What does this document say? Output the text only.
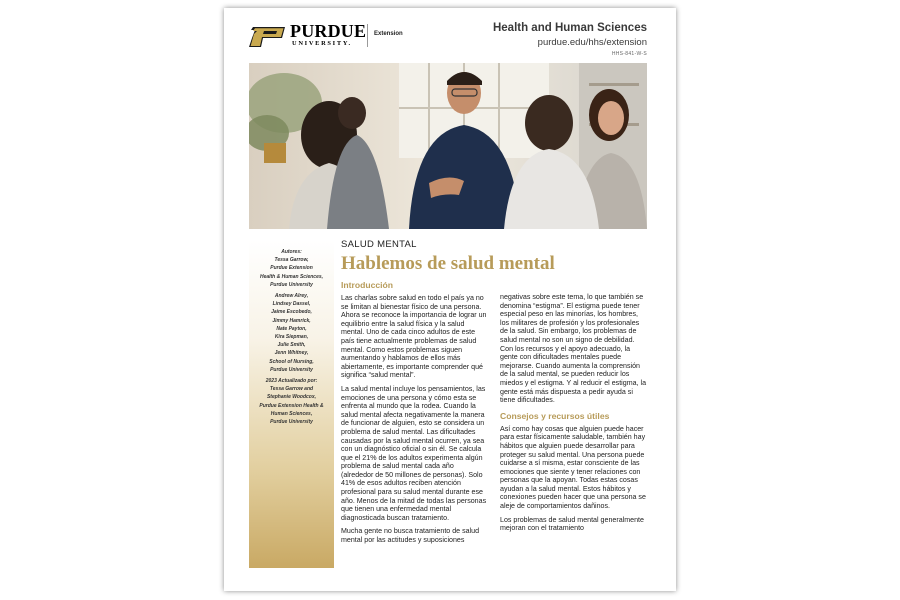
PURDUE
UNIVERSITY.
Extension	Health and Human Sciences
purdue.edu/hhs/extension
HHS-841-W-S
Autores:
Tessa Garrow,
Purdue Extension
Health & Human Sciences,
Purdue University
Andrew Alrey,
Lindsey Dassel,
Jaime Escobedo,
Jimmy Hamrick,
Nate Payton,
Kira Siepman,
Julie Smith,
Jenn Whitney,
School of Nursing,
Purdue University
2023 Actualizado por:
Tessa Garrow and
Stephanie Woodcox,
Purdue Extension Health &
Human Sciences,
Purdue University
SALUD MENTAL
Hablemos de salud mental
Introducción

Las charlas sobre salud en todo el país ya no se limitan al bienestar físico de una persona. Ahora se reconoce la importancia de lograr un equilibrio entre la salud física y la salud mental. Uno de cada cinco adultos de este país tiene actualmente problemas de salud mental. Como estos problemas siguen aumentando y hablamos de ellos más abiertamente, es importante comprender qué significa “salud mental”.

La salud mental incluye los pensamientos, las emociones de una persona y cómo esta se enfrenta al mundo que la rodea. Cuando la salud mental afecta negativamente la manera de funcionar de alguien, esto se considera un problema de salud mental. Las dificultades causadas por la salud mental ocurren, ya sea con un diagnóstico oficial o sin él. Se calcula que el 21% de los adultos experimenta algún problema de salud mental cada año (alrededor de 50 millones de personas). Solo 41% de esos adultos reciben atención profesional para su salud mental durante ese año. Menos de la mitad de todas las personas que tienen una enfermedad mental diagnosticada buscan tratamiento.

Mucha gente no busca tratamiento de salud mental por las actitudes y suposiciones

negativas sobre este tema, lo que también se denomina “estigma”. El estigma puede tener especial peso en las minorías, los hombres, los militares de profesión y los profesionales de la salud. Sin embargo, los problemas de salud mental no son un signo de debilidad. Con los recursos y el apoyo adecuado, la gente con dificultades mentales puede mejorarse. Cuando aumenta la comprensión de la salud mental, se pueden reducir los miedos y el estigma. Y al reducir el estigma, la gente está más dispuesta a pedir ayuda si tiene dificultades.

Consejos y recursos útiles

Así como hay cosas que alguien puede hacer para estar físicamente saludable, también hay hábitos que alguien puede desarrollar para proteger su salud mental. Una persona puede cuidarse a sí misma, estar consciente de las emociones que siente y tener relaciones con personas que la apoyan. Todas estas cosas ayudan a la salud mental. Estos hábitos y conexiones pueden hacer que una persona se aleje de comportamientos dañinos.

Los problemas de salud mental generalmente mejoran con el tratamiento
